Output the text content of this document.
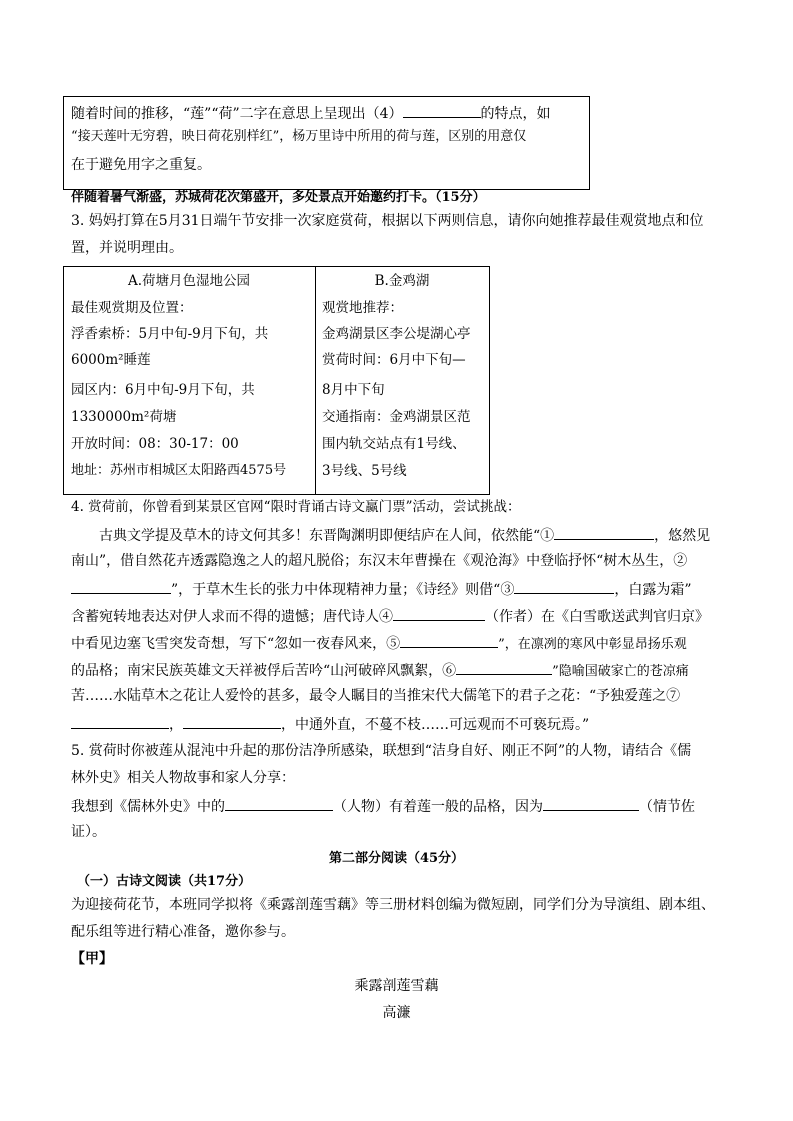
随着时间的推移，“莲”“荷”二字在意思上呈现出（4）	的特点，如
“接天莲叶无穷碧，映日荷花别样红”，杨万里诗中所用的荷与莲，区别的用意仅
在于避免用字之重复。
伴随着暑气渐盛，苏城荷花次第盛开，多处景点开始邀约打卡。（15分）
3. 妈妈打算在5月31日端午节安排一次家庭赏荷，根据以下两则信息，请你向她推荐最佳观赏地点和位
置，并说明理由。
A.荷塘月色湿地公园
最佳观赏期及位置：
浮香索桥：5月中旬-9月下旬，共
6000m²睡莲
园区内：6月中旬-9月下旬，共
1330000m²荷塘
开放时间：08：30-17：00
地址：苏州市相城区太阳路西4575号
B.金鸡湖
观赏地推荐：
金鸡湖景区李公堤湖心亭
赏荷时间：6月中下旬—
8月中下旬
交通指南：金鸡湖景区范
围内轨交站点有1号线、
3号线、5号线
4. 赏荷前，你曾看到某景区官网“限时背诵古诗文赢门票”活动，尝试挑战：
古典文学提及草木的诗文何其多！东晋陶渊明即便结庐在人间，依然能“①	，悠然见
南山”，借自然花卉透露隐逸之人的超凡脱俗；东汉末年曹操在《观沧海》中登临抒怀“树木丛生，②
”，于草木生长的张力中体现精神力量；《诗经》则借“③	，白露为霜”
含蓄宛转地表达对伊人求而不得的遗憾；唐代诗人④	（作者）在《白雪歌送武判官归京》
中看见边塞飞雪突发奇想，写下“忽如一夜春风来，⑤	”，在凛冽的寒风中彰显昂扬乐观
的品格；南宋民族英雄文天祥被俘后苦吟“山河破碎风飘絮，⑥	”隐喻国破家亡的苍凉痛
苦……水陆草木之花让人爱怜的甚多，最令人瞩目的当推宋代大儒笔下的君子之花：“予独爱莲之⑦
，	，中通外直，不蔓不枝……可远观而不可亵玩焉。”
5. 赏荷时你被莲从混沌中升起的那份洁净所感染，联想到“洁身自好、刚正不阿”的人物，请结合《儒
林外史》相关人物故事和家人分享：
我想到《儒林外史》中的	（人物）有着莲一般的品格，因为	（情节佐
证）。
第二部分阅读（45分）
（一）古诗文阅读（共17分）
为迎接荷花节，本班同学拟将《乘露剖莲雪藕》等三册材料创编为微短剧，同学们分为导演组、剧本组、
配乐组等进行精心准备，邀你参与。
【甲】
乘露剖莲雪藕
高濂
